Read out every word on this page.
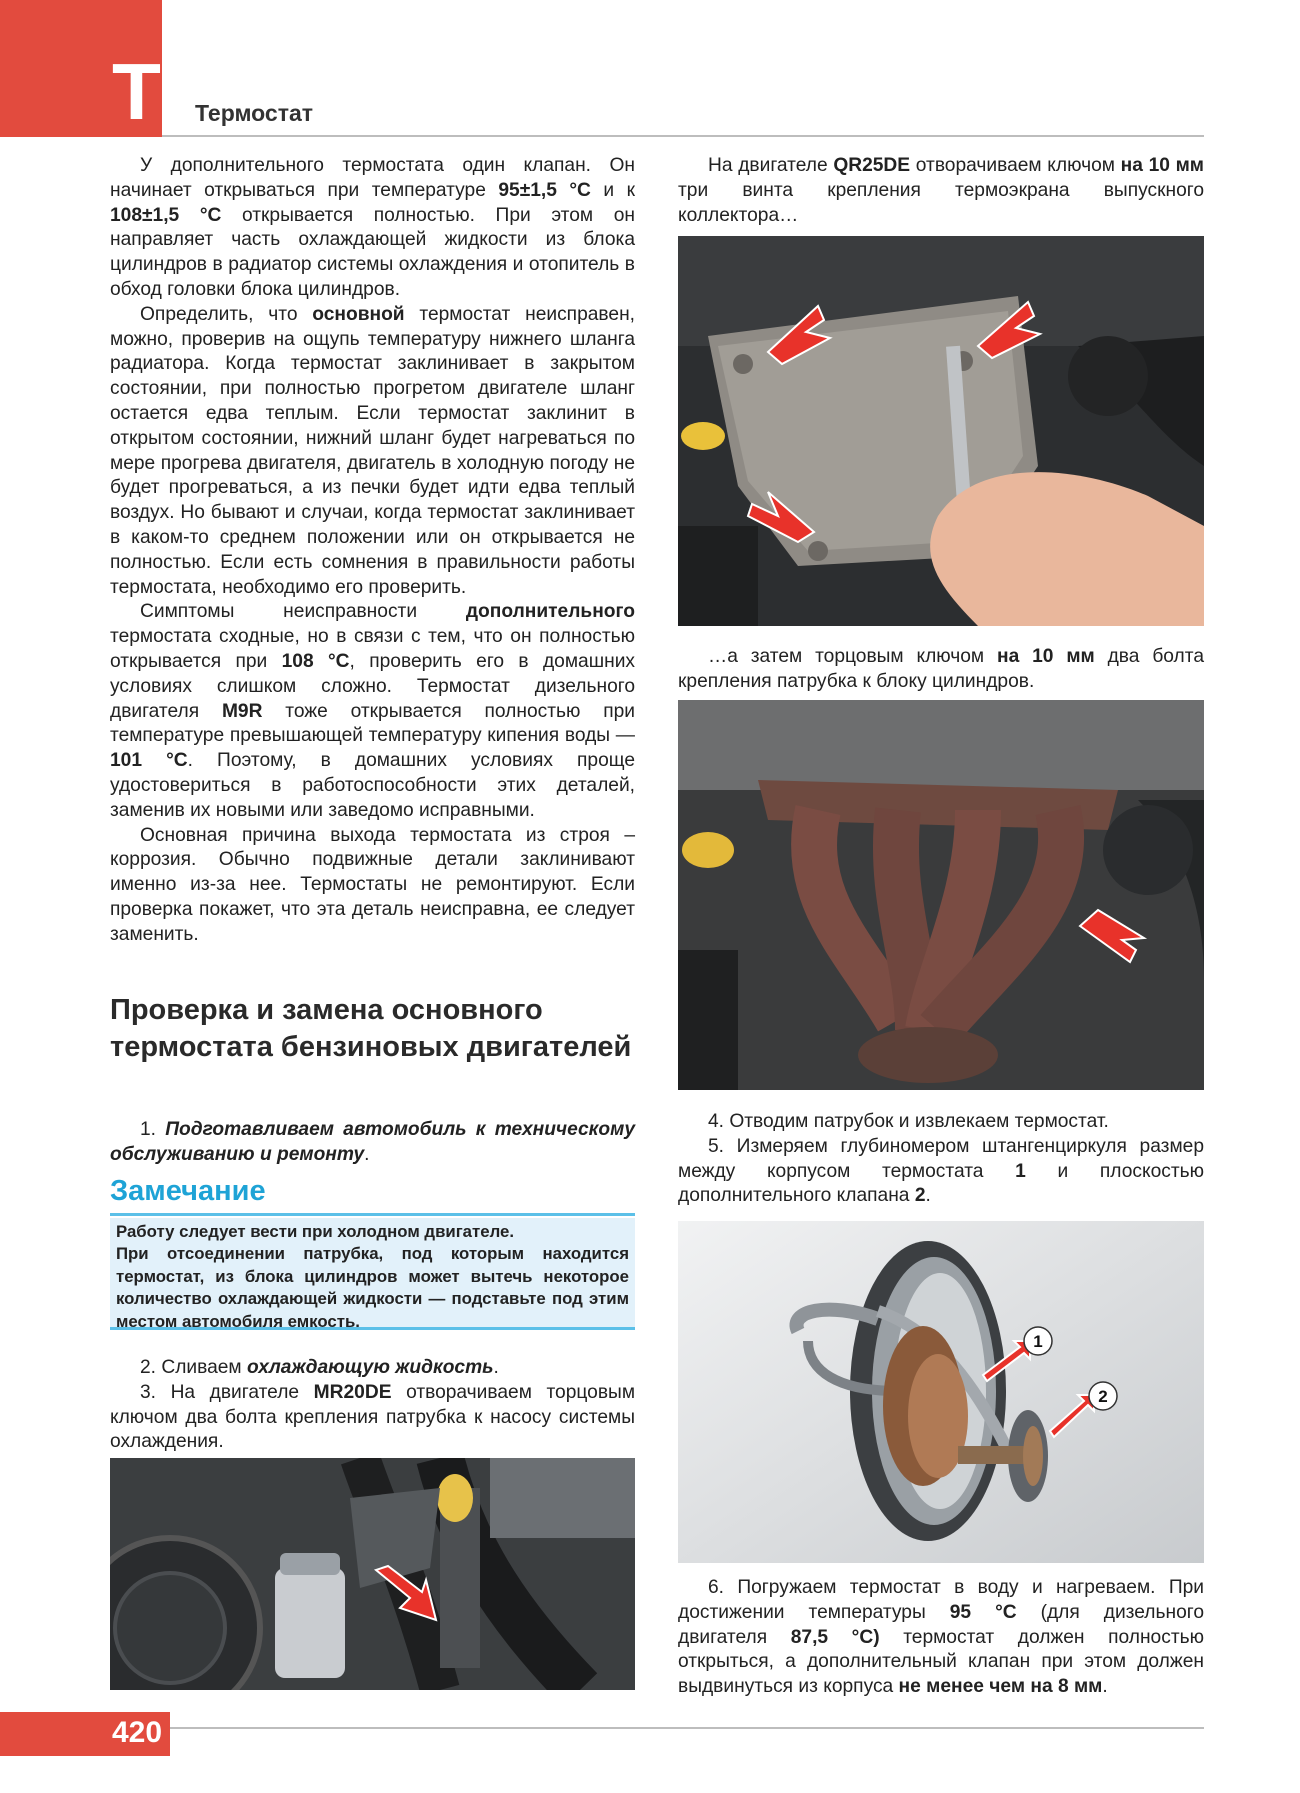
Т Термостат

У дополнительного термостата один клапан. Он начинает открываться при температуре 95±1,5 °С и к 108±1,5 °С открывается полностью. При этом он направляет часть охлаждающей жидкости из блока цилиндров в радиатор системы охлаждения и отопитель в обход головки блока цилиндров.

Определить, что основной термостат неисправен, можно, проверив на ощупь температуру нижнего шланга радиатора. Когда термостат заклинивает в закрытом состоянии, при полностью прогретом двигателе шланг остается едва теплым. Если термостат заклинит в открытом состоянии, нижний шланг будет нагреваться по мере прогрева двигателя, двигатель в холодную погоду не будет прогреваться, а из печки будет идти едва теплый воздух. Но бывают и случаи, когда термостат заклинивает в каком-то среднем положении или он открывается не полностью. Если есть сомнения в правильности работы термостата, необходимо его проверить.

Симптомы неисправности дополнительного термостата сходные, но в связи с тем, что он полностью открывается при 108 °С, проверить его в домашних условиях слишком сложно. Термостат дизельного двигателя M9R тоже открывается полностью при температуре превышающей температуру кипения воды — 101 °С. Поэтому, в домашних условиях проще удостовериться в работоспособности этих деталей, заменив их новыми или заведомо исправными.

Основная причина выхода термостата из строя – коррозия. Обычно подвижные детали заклинивают именно из-за нее. Термостаты не ремонтируют. Если проверка покажет, что эта деталь неисправна, ее следует заменить.

Проверка и замена основного термостата бензиновых двигателей

1. Подготавливаем автомобиль к техническому обслуживанию и ремонту.

Замечание
Работу следует вести при холодном двигателе.
При отсоединении патрубка, под которым находится термостат, из блока цилиндров может вытечь некоторое количество охлаждающей жидкости — подставьте под этим местом автомобиля емкость.

2. Сливаем охлаждающую жидкость.

3. На двигателе MR20DE отворачиваем торцовым ключом два болта крепления патрубка к насосу системы охлаждения.

На двигателе QR25DE отворачиваем ключом на 10 мм три винта крепления термоэкрана выпускного коллектора…

…а затем торцовым ключом на 10 мм два болта крепления патрубка к блоку цилиндров.

4. Отводим патрубок и извлекаем термостат.

5. Измеряем глубиномером штангенциркуля размер между корпусом термостата 1 и плоскостью дополнительного клапана 2.

1
2

6. Погружаем термостат в воду и нагреваем. При достижении температуры 95 °С (для дизельного двигателя 87,5 °С) термостат должен полностью открыться, а дополнительный клапан при этом должен выдвинуться из корпуса не менее чем на 8 мм.

420
